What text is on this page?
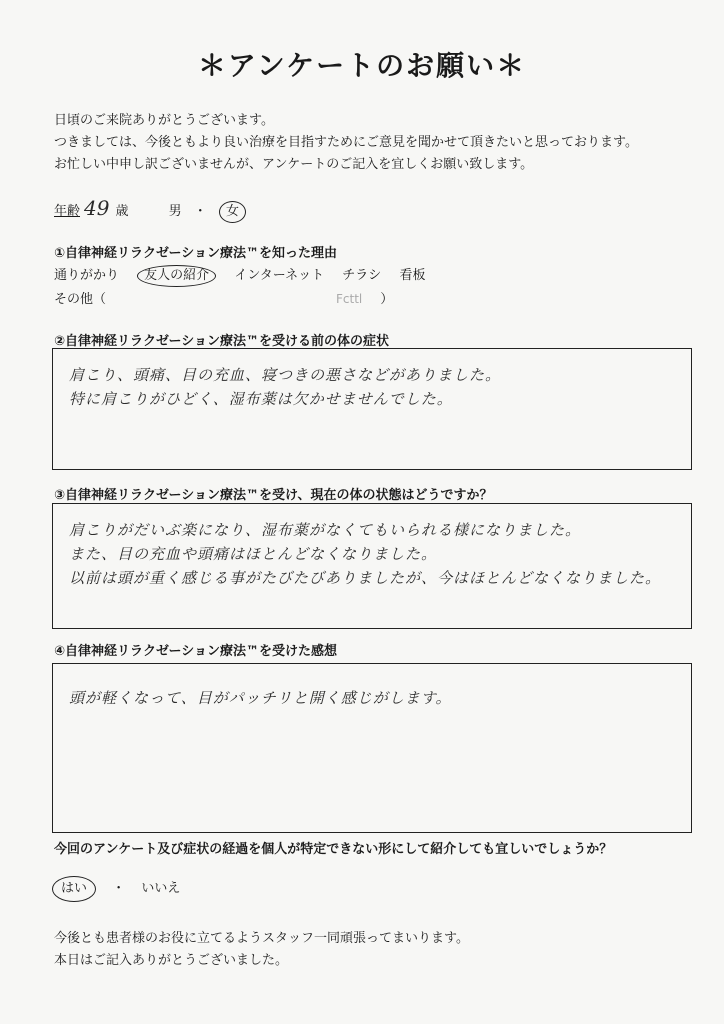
＊アンケートのお願い＊
日頃のご来院ありがとうございます。
つきましては、今後ともより良い治療を目指すためにご意見を聞かせて頂きたいと思っております。
お忙しい中申し訳ございませんが、アンケートのご記入を宜しくお願い致します。
年齢 49 歳	男 ・ 女
①自律神経リラクゼーション療法™を知った理由
通りがかり 友人の紹介 インターネット チラシ 看板
その他（	Fcttl ）
②自律神経リラクゼーション療法™を受ける前の体の症状
肩こり、頭痛、目の充血、寝つきの悪さなどがありました。
特に肩こりがひどく、湿布薬は欠かせませんでした。
③自律神経リラクゼーション療法™を受け、現在の体の状態はどうですか？
肩こりがだいぶ楽になり、湿布薬がなくてもいられる様になりました。
また、目の充血や頭痛はほとんどなくなりました。
以前は頭が重く感じる事がたびたびありましたが、今はほとんどなくなりました。
④自律神経リラクゼーション療法™を受けた感想
頭が軽くなって、目がパッチリと開く感じがします。
今回のアンケート及び症状の経過を個人が特定できない形にして紹介しても宜しいでしょうか？
はい ・ いいえ
今後とも患者様のお役に立てるようスタッフ一同頑張ってまいります。
本日はご記入ありがとうございました。
